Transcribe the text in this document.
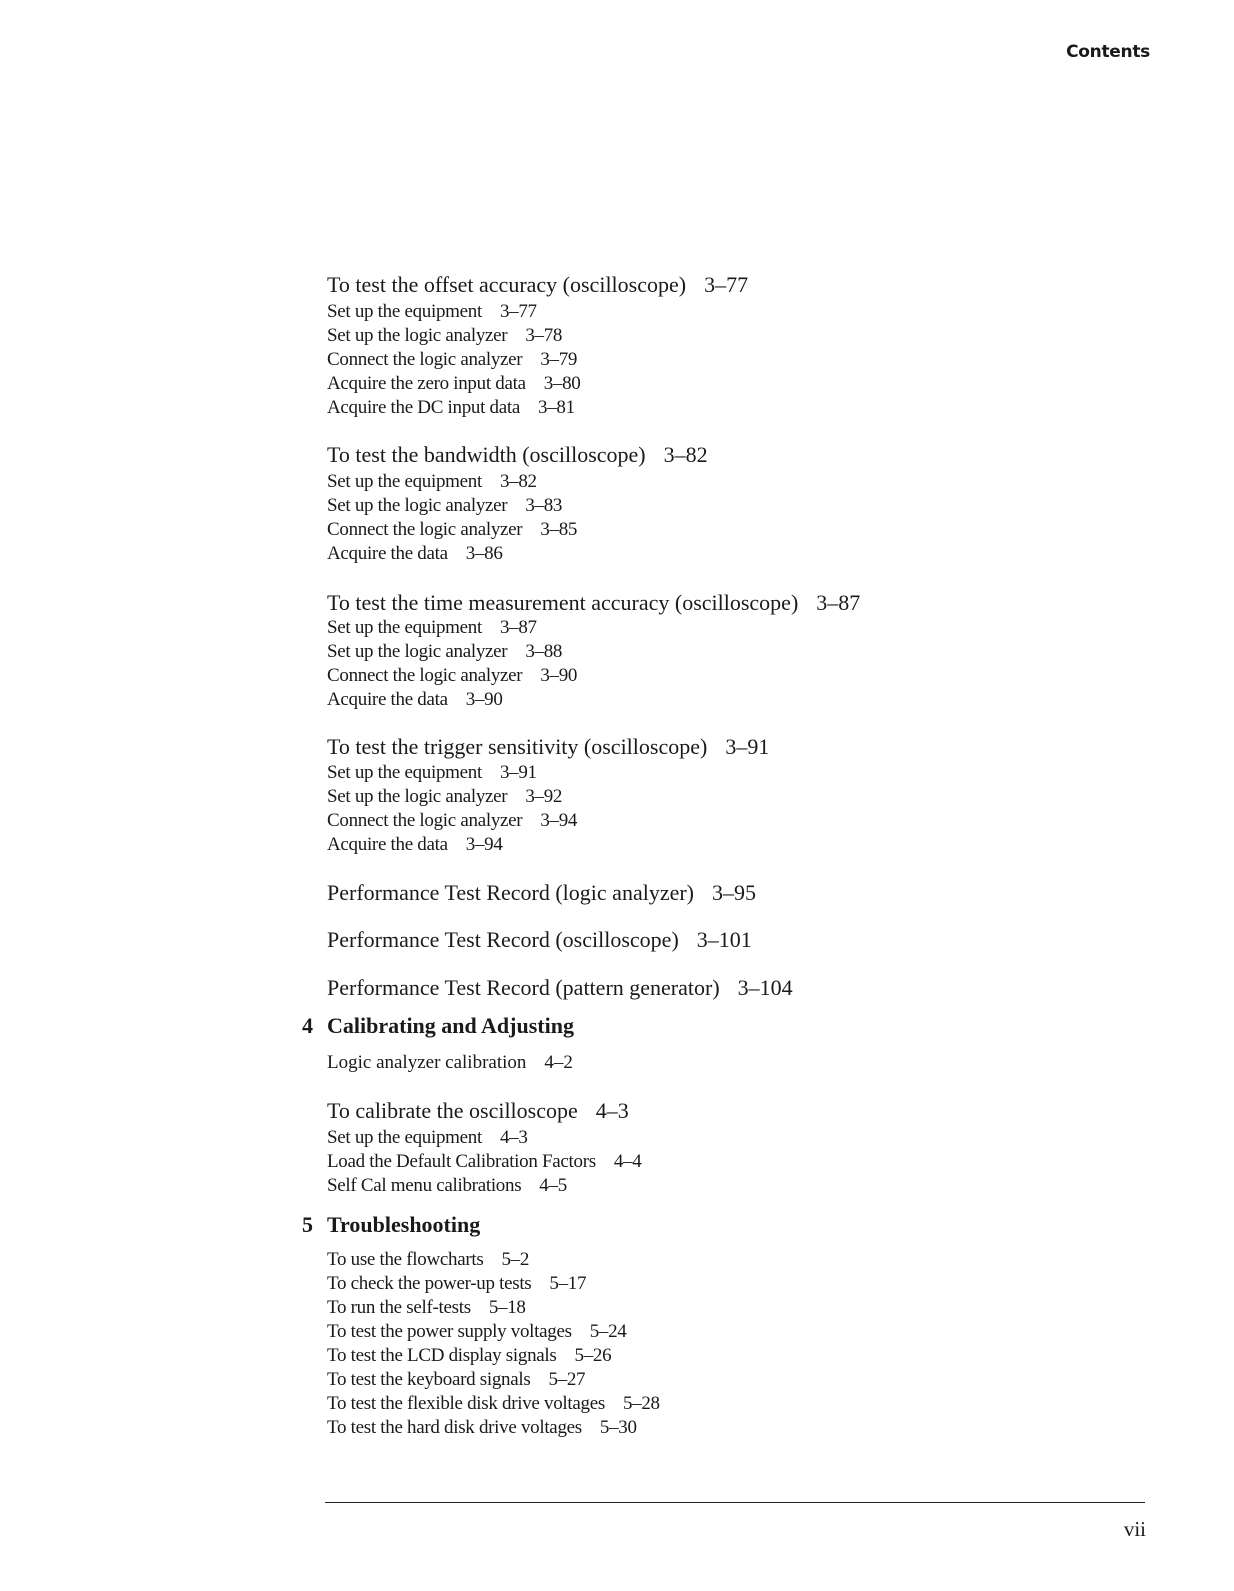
Contents
To test the offset accuracy (oscilloscope) 3–77
Set up the equipment 3–77
Set up the logic analyzer 3–78
Connect the logic analyzer 3–79
Acquire the zero input data 3–80
Acquire the DC input data 3–81
To test the bandwidth (oscilloscope) 3–82
Set up the equipment 3–82
Set up the logic analyzer 3–83
Connect the logic analyzer 3–85
Acquire the data 3–86
To test the time measurement accuracy (oscilloscope) 3–87
Set up the equipment 3–87
Set up the logic analyzer 3–88
Connect the logic analyzer 3–90
Acquire the data 3–90
To test the trigger sensitivity (oscilloscope) 3–91
Set up the equipment 3–91
Set up the logic analyzer 3–92
Connect the logic analyzer 3–94
Acquire the data 3–94
Performance Test Record (logic analyzer) 3–95
Performance Test Record (oscilloscope) 3–101
Performance Test Record (pattern generator) 3–104
4 Calibrating and Adjusting
Logic analyzer calibration 4–2
To calibrate the oscilloscope 4–3
Set up the equipment 4–3
Load the Default Calibration Factors 4–4
Self Cal menu calibrations 4–5
5 Troubleshooting
To use the flowcharts 5–2
To check the power-up tests 5–17
To run the self-tests 5–18
To test the power supply voltages 5–24
To test the LCD display signals 5–26
To test the keyboard signals 5–27
To test the flexible disk drive voltages 5–28
To test the hard disk drive voltages 5–30
vii
